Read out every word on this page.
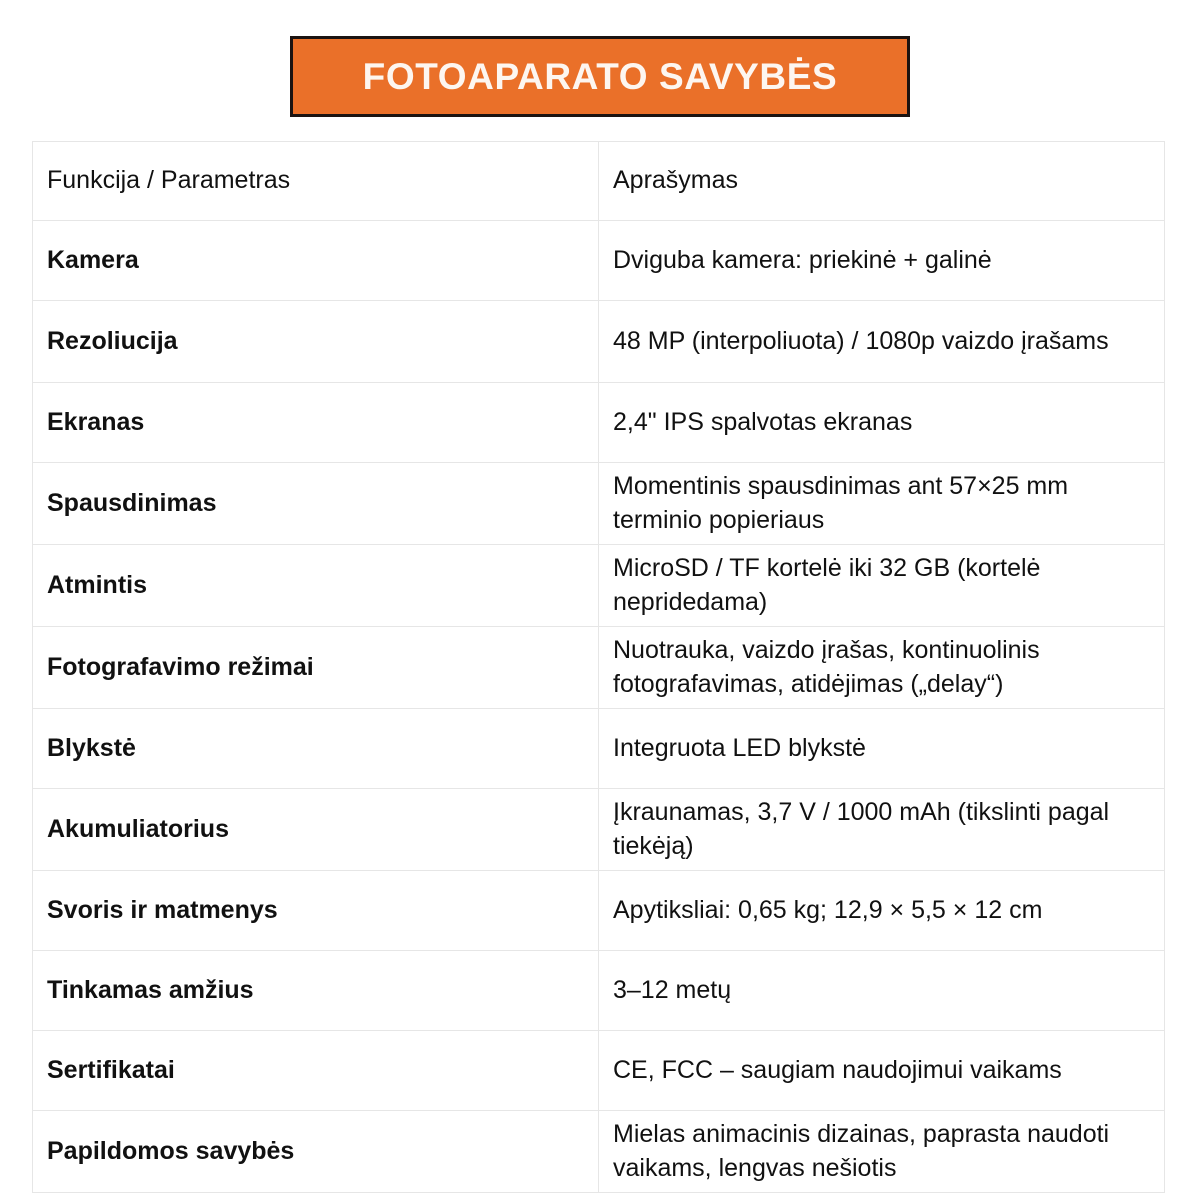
FOTOAPARATO SAVYBĖS
Funkcija / Parametras	Aprašymas

Kamera	Dviguba kamera: priekinė + galinė

Rezoliucija	48 MP (interpoliuota) / 1080p vaizdo įrašams

Ekranas	2,4" IPS spalvotas ekranas

Spausdinimas	Momentinis spausdinimas ant 57×25 mm terminio popieriaus

Atmintis	MicroSD / TF kortelė iki 32 GB (kortelė nepridedama)

Fotografavimo režimai	Nuotrauka, vaizdo įrašas, kontinuolinis fotografavimas, atidėjimas („delay“)

Blykstė	Integruota LED blykstė

Akumuliatorius	Įkraunamas, 3,7 V / 1000 mAh (tikslinti pagal tiekėją)

Svoris ir matmenys	Apytiksliai: 0,65 kg; 12,9 × 5,5 × 12 cm

Tinkamas amžius	3–12 metų

Sertifikatai	CE, FCC – saugiam naudojimui vaikams

Papildomos savybės	Mielas animacinis dizainas, paprasta naudoti vaikams, lengvas nešiotis
